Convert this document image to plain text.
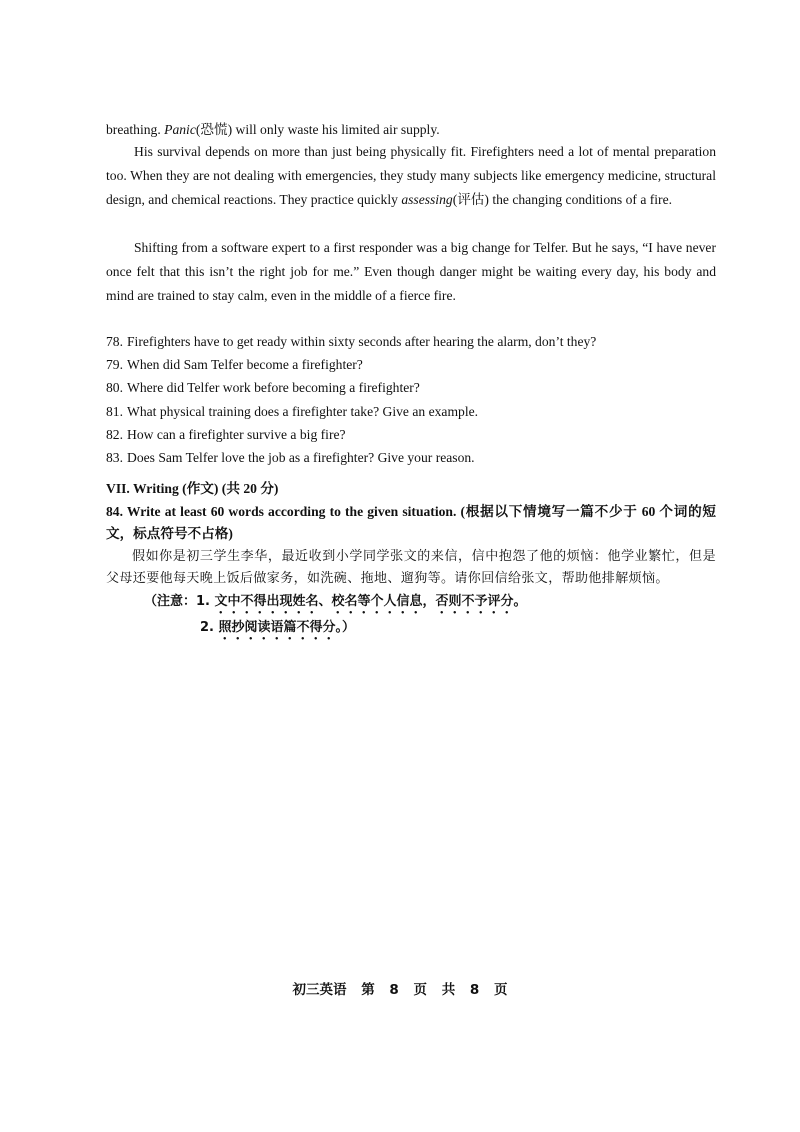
breathing. Panic(恐慌) will only waste his limited air supply.

His survival depends on more than just being physically fit. Firefighters need a lot of mental preparation too. When they are not dealing with emergencies, they study many subjects like emergency medicine, structural design, and chemical reactions. They practice quickly assessing(评估) the changing conditions of a fire.

Shifting from a software expert to a first responder was a big change for Telfer. But he says, “I have never once felt that this isn’t the right job for me.” Even though danger might be waiting every day, his body and mind are trained to stay calm, even in the middle of a fierce fire.

78. Firefighters have to get ready within sixty seconds after hearing the alarm, don’t they?
79. When did Sam Telfer become a firefighter?
80. Where did Telfer work before becoming a firefighter?
81. What physical training does a firefighter take? Give an example.
82. How can a firefighter survive a big fire?
83. Does Sam Telfer love the job as a firefighter? Give your reason.
VII. Writing (作文) (共 20 分)
84. Write at least 60 words according to the given situation. (根据以下情境写一篇不少于 60 个词的短文，标点符号不占格)
假如你是初三学生李华，最近收到小学同学张文的来信，信中抱怨了他的烦恼：他学业繁忙，但是父母还要他每天晚上饭后做家务，如洗碗、拖地、遛狗等。请你回信给张文，帮助他排解烦恼。
（注意：1. 文中不得出现姓名、校名等个人信息，否则不予评分。
2. 照抄阅读语篇不得分。）
初三英语 第 8 页 共 8 页
